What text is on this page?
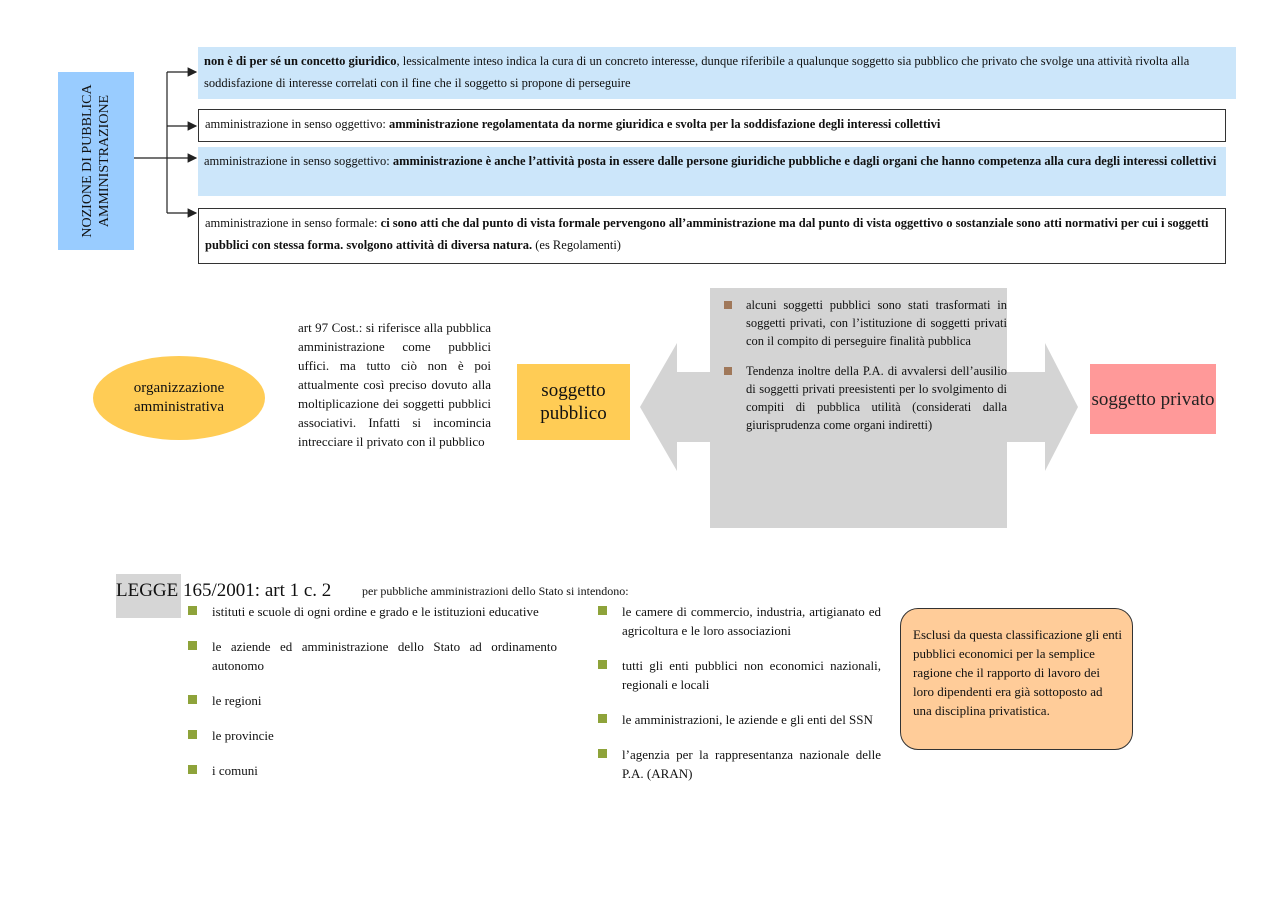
NOZIONE DI PUBBLICA AMMINISTRAZIONE
non è di per sé un concetto giuridico, lessicalmente inteso indica la cura di un concreto interesse, dunque riferibile a qualunque soggetto sia pubblico che privato che svolge una attività rivolta alla soddisfazione di interesse correlati con il fine che il soggetto si propone di perseguire
amministrazione in senso oggettivo: amministrazione regolamentata da norme giuridica e svolta per la soddisfazione degli interessi collettivi
amministrazione in senso soggettivo: amministrazione è anche l’attività posta in essere dalle persone giuridiche pubbliche e dagli organi che hanno competenza alla cura degli interessi collettivi
amministrazione in senso formale: ci sono atti che dal punto di vista formale pervengono all’amministrazione ma dal punto di vista oggettivo o sostanziale sono atti normativi per cui i soggetti pubblici con stessa forma. svolgono attività di diversa natura. (es Regolamenti)
organizzazione amministrativa
art 97 Cost.: si riferisce alla pubblica amministrazione come pubblici uffici. ma tutto ciò non è poi attualmente così preciso dovuto alla moltiplicazione dei soggetti pubblici associativi. Infatti si incomincia intrecciare il privato con il pubblico
soggetto pubblico
alcuni soggetti pubblici sono stati trasformati in soggetti privati, con l’istituzione di soggetti privati con il compito di perseguire finalità pubblica
Tendenza inoltre della P.A. di avvalersi dell’ausilio di soggetti privati preesistenti per lo svolgimento di compiti di pubblica utilità (considerati dalla giurisprudenza come organi indiretti)
soggetto privato
LEGGE 165/2001: art 1 c. 2	per pubbliche amministrazioni dello Stato si intendono:
istituti e scuole di ogni ordine e grado e le istituzioni educative
le aziende ed amministrazione dello Stato ad ordinamento autonomo
le regioni
le provincie
i comuni
le camere di commercio, industria, artigianato ed agricoltura e le loro associazioni
tutti gli enti pubblici non economici nazionali, regionali e locali
le amministrazioni, le aziende e gli enti del SSN
l’agenzia per la rappresentanza nazionale delle P.A. (ARAN)
Esclusi da questa classificazione gli enti pubblici economici per la semplice ragione che il rapporto di lavoro dei loro dipendenti era già sottoposto ad una disciplina privatistica.
